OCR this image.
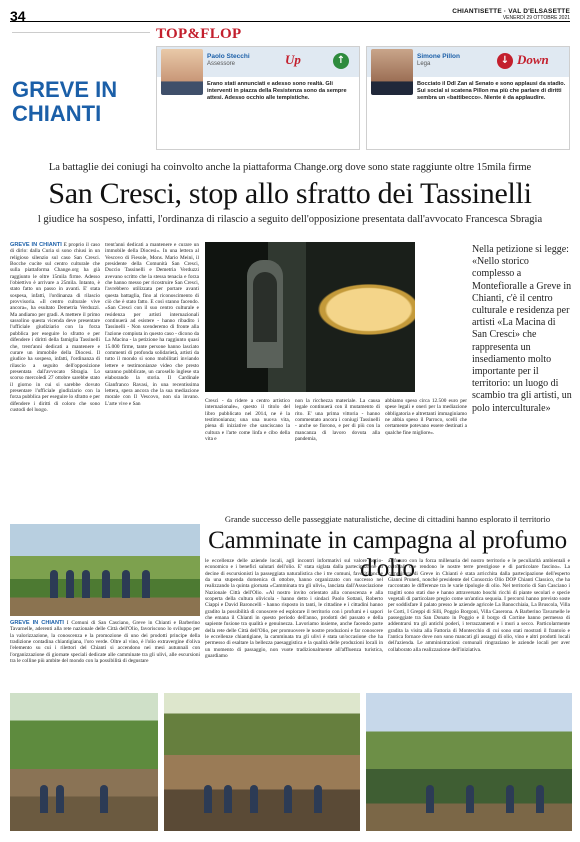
34	CHIANTISETTE · VAL D'ELSASETTE
VENERDÌ 29 OTTOBRE 2021
GREVE IN
CHIANTI
TOP&FLOP
Paolo Stecchi
Assessore	Up	↑
Erano stati annunciati e adesso sono realtà. Gli interventi in piazza della Resistenza sono da sempre attesi. Adesso occhio alle tempistiche.
Simone Pillon
Lega	↓ Down
Bocciato il Ddl Zan al Senato e sono applausi da stadio. Sui social si scatena Pillon ma più che parlare di diritti sembra un «battibecco». Niente è da applaudire.
La battaglie dei coniugi ha coinvolto anche la piattaforma Change.org dove sono state raggiunte oltre 15mila firme
San Cresci, stop allo sfratto dei Tassinelli
l giudice ha sospeso, infatti, l'ordinanza di rilascio a seguito dell'opposizione presentata dall'avvocato Francesca Sbragia
GREVE IN CHIANTI È proprio il caso di dirlo: dalla Curia si sono chiusi in un religioso silenzio sul caso San Cresci. Bocche cucite sul centro culturale che sulla piattaforma Change.org ha già raggiunto le oltre 15mila firme. Adesso l'obiettivo è arrivare a 25mila. Intanto, è stato fatto un passo in avanti. E' stata sospesa, infatti, l'ordinanza di rilascio provvisoria. «Il centro culturale vive ancora», ha esultato Demetria Verduzzi. Ma andiamo per gradi. A mettere il primo sassolino questa vicenda deve presentare l'ufficiale giudiziario con la forza pubblica per eseguire lo sfratto e per difendere i diritti della famiglia Tassinelli che, trent'anni dedicati a mantenere e curare un immobile della Diocesi. Il giudice ha sospeso, infatti, l'ordinanza di rilascio a seguito dell'opposizione presentata dall'avvocato Sbragia. Lo scorso mercoledì 27 ottobre sarebbe stato il giorno in cui si sarebbe dovuto presentare l'ufficiale giudiziario con la forza pubblica per eseguire lo sfratto e per difendere i diritti di coloro che sono custodi del luogo.
trent'anni dedicati a mantenere e curare un immobile della Diocesi». In una lettera al Vescovo di Fiesole, Mons. Mario Meini, il presidente della Comunità San Cresci, Duccio Tassinelli e Demetria Verduzzi avevano scritto che la stessa tenacia e forza che hanno messo per ricostruire San Cresci, l'avrebbero utilizzata per portare avanti questa battaglia, fino al riconoscimento di ciò che è stato fatto. E così stanno facendo. «San Cresci con il suo centro culturale e residenza per artisti internazionali continuerà ad esistere - hanno ribadito i Tassinelli - Non scenderemo di fronte alla l'azione compiuta in questo caso - dicono da La Macina - la petizione ha raggiunto quasi 15.000 firme, tante persone hanno lasciato commenti di profonda solidarietà, artisti da tutto il mondo si sono mobilitati inviando lettere e testimonianze video che presto saranno pubblicate, un carosello inglese sta elaborando la storia. Il Cardinale Gianfranco Ravasi, in una recentissima lettera, spera ancora che la sua mediazione morale con Il Vescovo, non sia invano. L'arte vive e San	Cresci - da ridere a centro artistico internazionale», questo il titolo del libro pubblicato nel 2014, ne è la testimonianza; una una nuova vita, piena di iniziative che sanciscano la cultura e l'arte come linfa e cibo della vita e
non la ricchezza materiale. La causa legale continuerà con il mutamento di rito. E' una prima vittoria - hanno commentato ancora i coniugi Tassinelli - anche se fiorono, e per di più con la mancanza di lavoro dovuta alla pandemia,
abbiamo speso circa 12.500 euro per spese legali e oneri per la mediazione obbligatoria e altrettanti immaginiamo ne abbia speso il Parroco, scelli che certamente potevano essere destinati a qualche fine migliore».
Nella petizione si legge: «Nello storico complesso a Montefioralle a Greve in Chianti, c'è il centro culturale e residenza per artisti «La Macina di San Cresci» che rappresenta un insediamento molto importante per il territorio: un luogo di scambio tra gli artisti, un polo interculturale»
Grande successo delle passeggiate naturalistiche, decine di cittadini hanno esplorato il territorio
Camminate in campagna al profumo d'olio
GREVE IN CHIANTI I Comuni di San Casciano, Greve in Chianti e Barberino Tavarnelle, aderenti alla rete nazionale delle Città dell'Olio, favoriscono lo sviluppo per la valorizzazione, la conoscenza e la promozione di uno dei prodotti principe della tradizione contadina chiantigiana, l'oro verde. Oltre al vino, è l'olio extravergine d'oliva l'elemento su cui i rilettori del Chianti si accendono nei mesi autunnali con l'organizzazione di giornate speciali dedicate alle camminate tra gli ulivi, alle escursioni tra le colline più ambite del mondo con la possibilità di degustare
le eccellenze delle aziende locali, agli incontri informativi sul valore socio-economico e i benefici salutari dell'olio. E' stata siglata dalla partecipazione di decine di escursionisti la passeggiata naturalistica che i tre comuni, favoriti anche da una stupenda domenica di ottobre, hanno organizzato con successo nel realizzando la quinta giornata «Camminata tra gli ulivi», lanciata dall'Associazione Nazionale Città dell'Olio. «Al nostro invito orientato alla conoscenza e alla scoperta della cultura olivicola - hanno detto i sindaci Paolo Sottani, Roberto Ciappi e David Baroncelli - hanno risposto in tanti, le cittadine e i cittadini hanno gradito la possibilità di conoscere ed esplorare il territorio con i profumi e i sapori che emana il Chianti in questo periodo dell'anno, prodotti del passato e della sapiente fusione tra qualità e genuinezza. Lavoriamo insieme, anche facendo parte della rete delle Città dell'Olio, per promuovere le nostre produzioni e far conoscere le eccellenze chiantigiane, la camminata tra gli ulivi è stata un'occasione che ha permesso di esaltare la bellezza paesaggistica e la qualità delle produzioni locali in un momento di passaggio, non vuote tradizionalmente all'affluenza turistica, guardiamo
al futuro con la forza millenaria del nostro territorio e le peculiarità ambientali e culturali che rendono le nostre terre prestigiose e di particolare fascino». La camminata di Greve in Chianti è stata arricchita dalla partecipazione dell'esperto Gianni Pruneti, nonché presidente del Consorzio Olio DOP Chianti Classico, che ha raccontato le differenze tra le varie tipologie di olio. Nel territorio di San Casciano i tragitti sono stati due e hanno attraversato boschi ricchi di piante secolari e specie vegetali di particolare pregio come un'antica sequoia. I percorsi hanno previsto soste per soddisfare il palato presso le aziende agricole La Banocchiaia, La Bruscola, Villa le Corti, I Greppi di Silli, Poggio Borgoni, Villa Caserona. A Barberino Tavarnelle le passeggiate tra San Donato in Poggio e il borgo di Cortine hanno permesso di addentrarsi tra gli antichi poderi, i terrazzamenti e i muri a secco. Particolarmente gradita la visita alla Fattoria di Montecchio di cui sono stati mostrati il frantoio e l'antica fornace dove non sono mancati gli assaggi di olio, vino e altri prodotti locali dell'azienda. Le amministrazioni comunali ringraziano le aziende locali per aver collaborato alla realizzazione dell'iniziativa.
